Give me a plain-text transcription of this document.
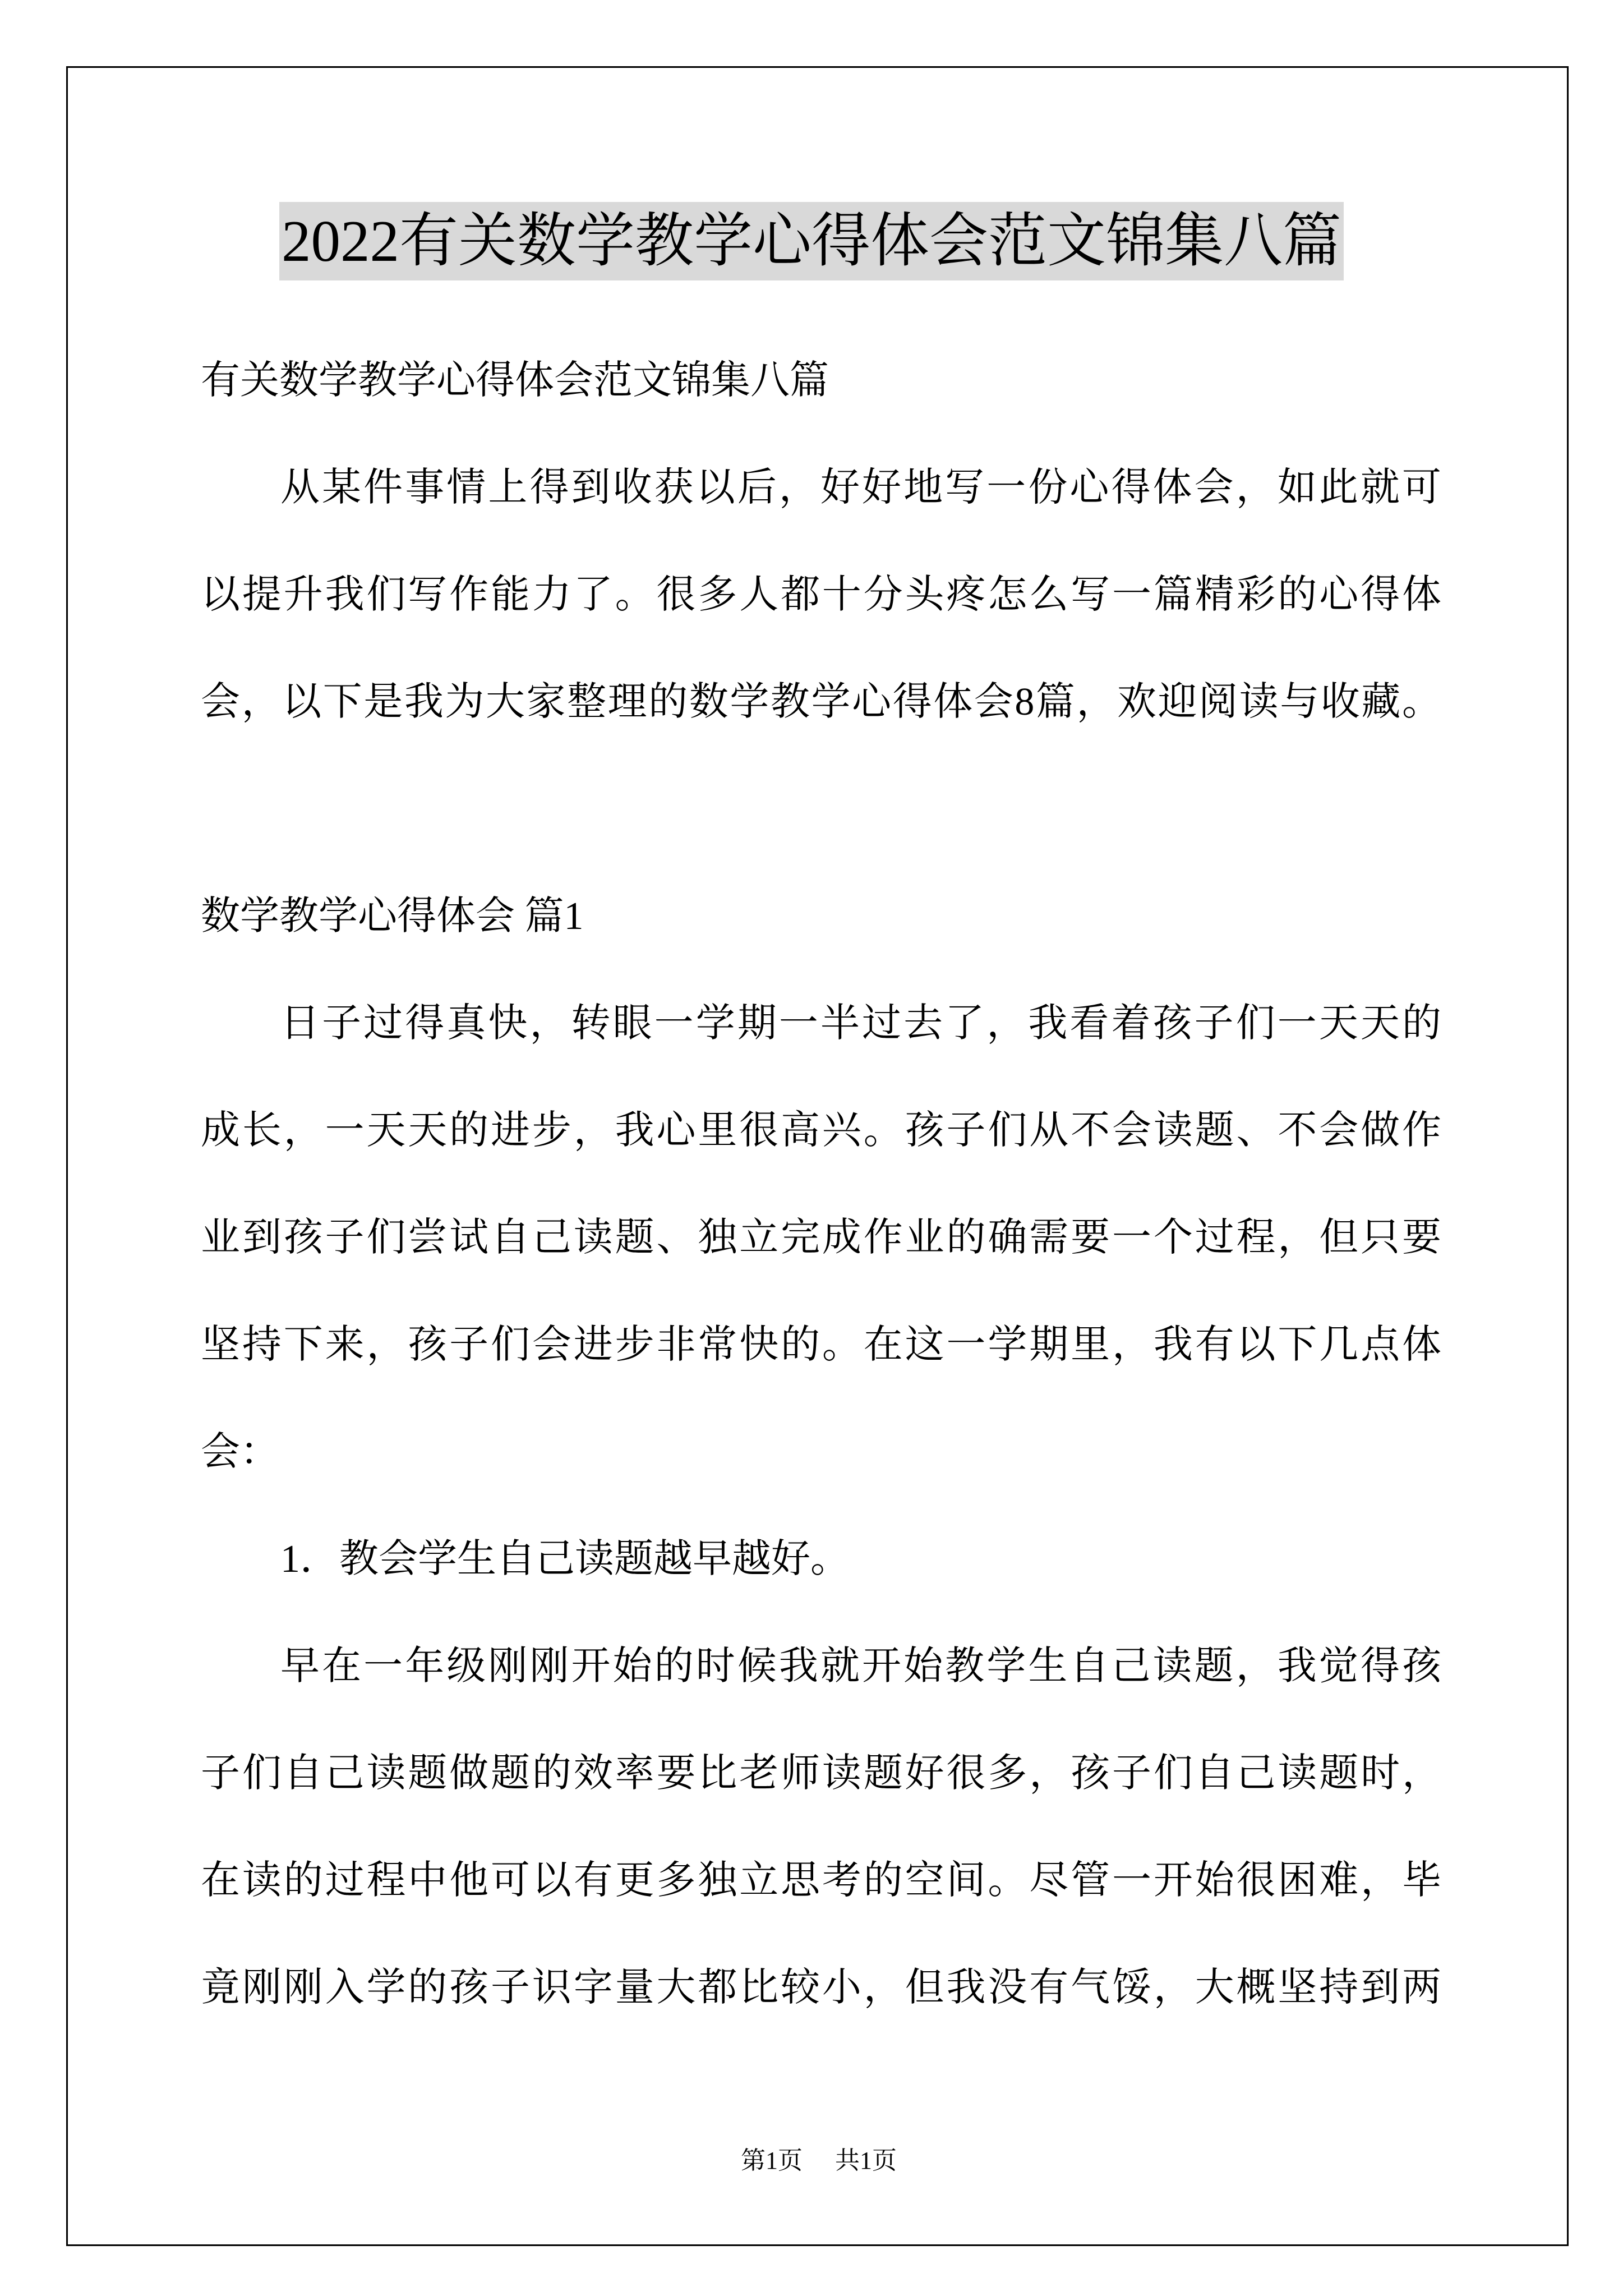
2022有关数学教学心得体会范文锦集八篇
有关数学教学心得体会范文锦集八篇
从某件事情上得到收获以后，好好地写一份心得体会，如此就可
以提升我们写作能力了。很多人都十分头疼怎么写一篇精彩的心得体
会，以下是我为大家整理的数学教学心得体会8篇，欢迎阅读与收藏。
数学教学心得体会 篇1
日子过得真快，转眼一学期一半过去了，我看着孩子们一天天的
成长，一天天的进步，我心里很高兴。孩子们从不会读题、不会做作
业到孩子们尝试自己读题、独立完成作业的确需要一个过程，但只要
坚持下来，孩子们会进步非常快的。在这一学期里，我有以下几点体
会：
1．教会学生自己读题越早越好。
早在一年级刚刚开始的时候我就开始教学生自己读题，我觉得孩
子们自己读题做题的效率要比老师读题好很多，孩子们自己读题时，
在读的过程中他可以有更多独立思考的空间。尽管一开始很困难，毕
竟刚刚入学的孩子识字量大都比较小，但我没有气馁，大概坚持到两
第1页 共1页
